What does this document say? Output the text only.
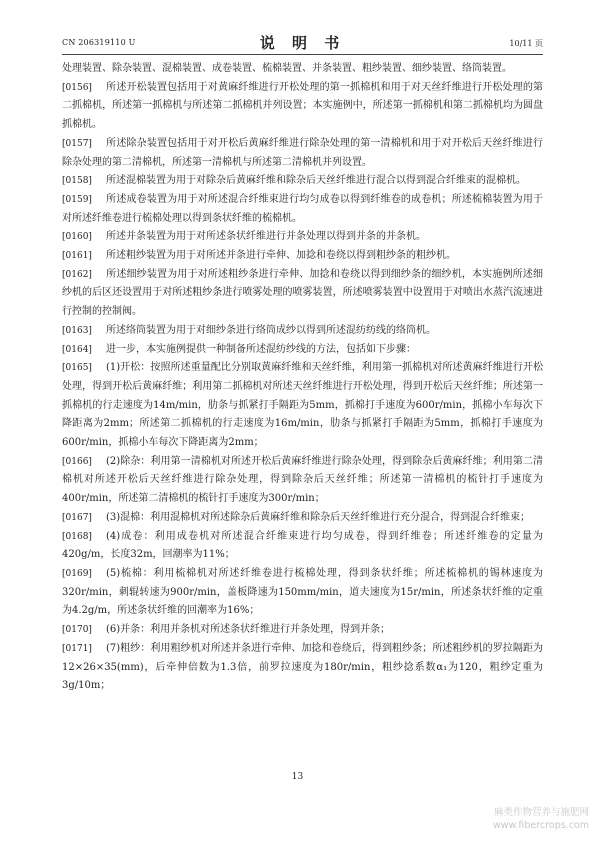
CN 206319110 U	说 明 书	10/11 页

处理装置、除杂装置、混棉装置、成卷装置、梳棉装置、并条装置、粗纱装置、细纱装置、络筒装置。

[0156] 所述开松装置包括用于对黄麻纤维进行开松处理的第一抓棉机和用于对天丝纤维进行开松处理的第二抓棉机，所述第一抓棉机与所述第二抓棉机并列设置；本实施例中，所述第一抓棉机和第二抓棉机均为圆盘抓棉机。

[0157] 所述除杂装置包括用于对开松后黄麻纤维进行除杂处理的第一清棉机和用于对开松后天丝纤维进行除杂处理的第二清棉机，所述第一清棉机与所述第二清棉机并列设置。

[0158] 所述混棉装置为用于对除杂后黄麻纤维和除杂后天丝纤维进行混合以得到混合纤维束的混棉机。

[0159] 所述成卷装置为用于对所述混合纤维束进行均匀成卷以得到纤维卷的成卷机；所述梳棉装置为用于对所述纤维卷进行梳棉处理以得到条状纤维的梳棉机。

[0160] 所述并条装置为用于对所述条状纤维进行并条处理以得到并条的并条机。

[0161] 所述粗纱装置为用于对所述并条进行牵伸、加捻和卷绕以得到粗纱条的粗纱机。

[0162] 所述细纱装置为用于对所述粗纱条进行牵伸、加捻和卷绕以得到细纱条的细纱机，本实施例所述细纱机的后区还设置用于对所述粗纱条进行喷雾处理的喷雾装置，所述喷雾装置中设置用于对喷出水蒸汽流速进行控制的控制阀。

[0163] 所述络筒装置为用于对细纱条进行络筒成纱以得到所述混纺纺线的络筒机。

[0164] 进一步，本实施例提供一种制备所述混纺纱线的方法，包括如下步骤：

[0165] (1)开松：按照所述重量配比分别取黄麻纤维和天丝纤维，利用第一抓棉机对所述黄麻纤维进行开松处理，得到开松后黄麻纤维；利用第二抓棉机对所述天丝纤维进行开松处理，得到开松后天丝纤维；所述第一抓棉机的行走速度为14m/min，肋条与抓紧打手隔距为5mm，抓棉打手速度为600r/min，抓棉小车每次下降距离为2mm；所述第二抓棉机的行走速度为16m/min，肋条与抓紧打手隔距为5mm，抓棉打手速度为600r/min，抓棉小车每次下降距离为2mm；

[0166] (2)除杂：利用第一清棉机对所述开松后黄麻纤维进行除杂处理，得到除杂后黄麻纤维；利用第二清棉机对所述开松后天丝纤维进行除杂处理，得到除杂后天丝纤维；所述第一清棉机的梳针打手速度为400r/min，所述第二清棉机的梳针打手速度为300r/min；

[0167] (3)混棉：利用混棉机对所述除杂后黄麻纤维和除杂后天丝纤维进行充分混合，得到混合纤维束；

[0168] (4)成卷：利用成卷机对所述混合纤维束进行均匀成卷，得到纤维卷；所述纤维卷的定量为420g/m，长度32m，回潮率为11%；

[0169] (5)梳棉：利用梳棉机对所述纤维卷进行梳棉处理，得到条状纤维；所述梳棉机的锡林速度为320r/min，刺辊转速为900r/min，盖板降速为150mm/min，道夫速度为15r/min，所述条状纤维的定重为4.2g/m，所述条状纤维的回潮率为16%；

[0170] (6)并条：利用并条机对所述条状纤维进行并条处理，得到并条；

[0171] (7)粗纱：利用粗纱机对所述并条进行牵伸、加捻和卷绕后，得到粗纱条；所述粗纱机的罗拉隔距为12×26×35(mm)，后牵伸倍数为1.3倍，前罗拉速度为180r/min，粗纱捻系数α₁为120，粗纱定重为3g/10m；

13
麻类作物营养与施肥网
www.fibercrops.com
